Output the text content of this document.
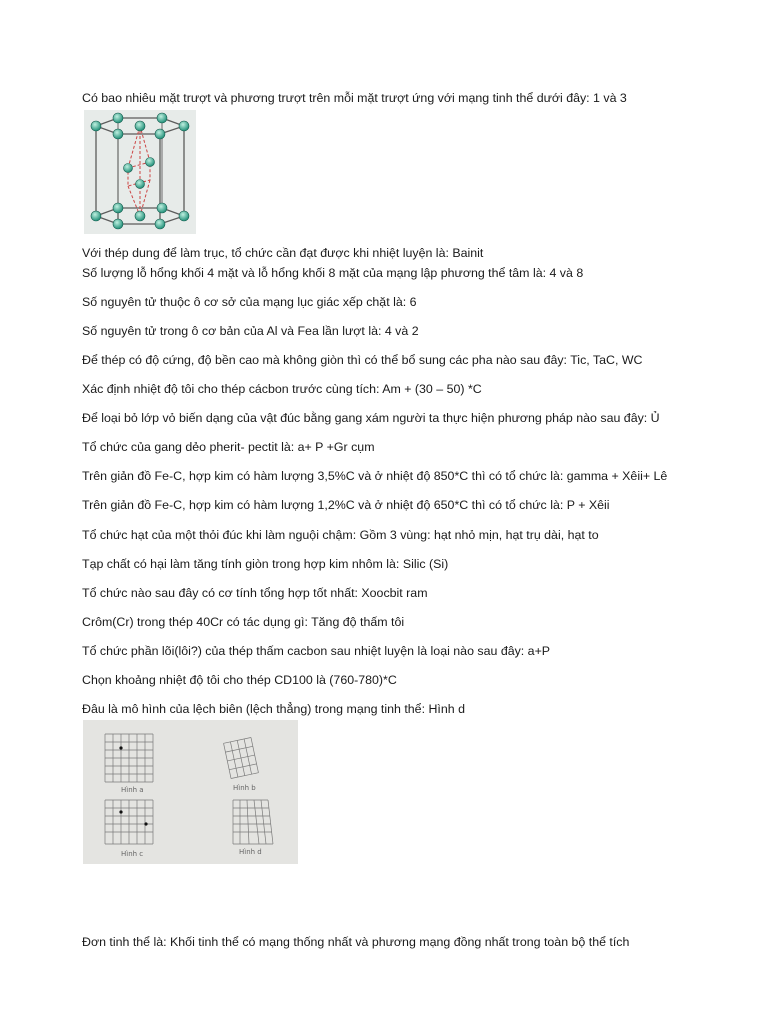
Có bao nhiêu mặt trượt và phương trượt trên mỗi mặt trượt ứng với mạng tinh thể dưới đây: 1 và 3
Với thép dung để làm trục, tổ chức cần đạt được khi nhiệt luyện là: Bainit
Số lượng lỗ hổng khối 4 mặt và lỗ hổng khối 8 mặt của mạng lập phương thể tâm là: 4 và 8
Số nguyên tử thuộc ô cơ sở của mạng lục giác xếp chặt là: 6
Số nguyên tử trong ô cơ bản của Al và Fea lần lượt là: 4 và 2
Để thép có độ cứng, độ bền cao mà không giòn thì có thể bổ sung các pha nào sau đây: Tic, TaC, WC
Xác định nhiệt độ tôi cho thép cácbon trước cùng tích: Am + (30 – 50) *C
Để loại bỏ lớp vỏ biến dạng của vật đúc bằng gang xám người ta thực hiện phương pháp nào sau đây: Ủ
Tổ chức của gang dẻo pherit- pectit là: a+ P +Gr cụm
Trên giản đồ Fe-C, hợp kim có hàm lượng 3,5%C và ở nhiệt độ 850*C thì có tổ chức là: gamma + Xêii+ Lê
Trên giản đồ Fe-C, hợp kim có hàm lượng 1,2%C và ở nhiệt độ 650*C thì có tổ chức là: P + Xêii
Tổ chức hạt của một thỏi đúc khi làm nguội chậm: Gồm 3 vùng: hạt nhỏ mịn, hạt trụ dài, hạt to
Tạp chất có hại làm tăng tính giòn trong hợp kim nhôm là: Silic (Si)
Tổ chức nào sau đây có cơ tính tổng hợp tốt nhất: Xoocbit ram
Crôm(Cr) trong thép 40Cr có tác dụng gì: Tăng độ thấm tôi
Tổ chức phần lõi(lôi?) của thép thấm cacbon sau nhiệt luyện là loại nào sau đây: a+P
Chọn khoảng nhiệt độ tôi cho thép CD100 là (760-780)*C
Đâu là mô hình của lệch biên (lệch thẳng) trong mạng tinh thể: Hình d
Hình a	Hình b
Hình c	Hình d
Đơn tinh thể là: Khối tinh thể có mạng thống nhất và phương mạng đồng nhất trong toàn bộ thể tích
